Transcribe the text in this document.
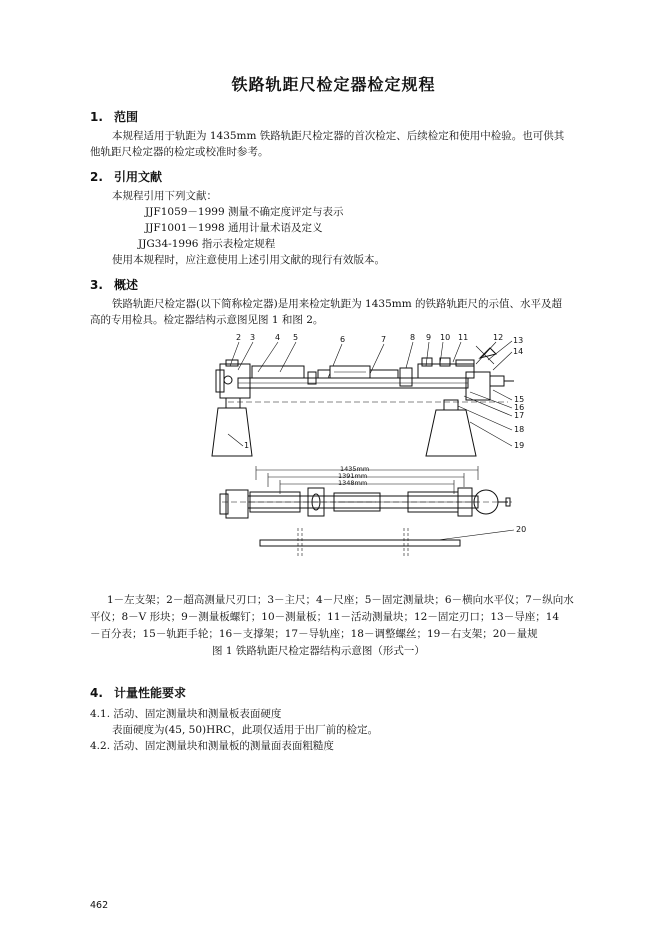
铁路轨距尺检定器检定规程
1. 范围
本规程适用于轨距为 1435mm 铁路轨距尺检定器的首次检定、后续检定和使用中检验。也可供其
他轨距尺检定器的检定或校准时参考。
2. 引用文献
本规程引用下列文献：
JJF1059－1999 测量不确定度评定与表示
JJF1001－1998 通用计量术语及定义
JJG34-1996 指示表检定规程
使用本规程时，应注意使用上述引用文献的现行有效版本。
3. 概述
铁路轨距尺检定器(以下简称检定器)是用来检定轨距为 1435mm 的铁路轨距尺的示值、水平及超
高的专用检具。检定器结构示意图见图 1 和图 2。
2 3 4 5	6	7	8 9 10 11	12 13
14
15
16
17
18
19
1
20
1435mm
1391mm
1348mm
1－左支架；2－超高测量尺刃口；3－主尺；4－尺座；5－固定测量块；6－横向水平仪；7－纵向水
平仪；8－V 形块；9－测量板螺钉；10－测量板；11－活动测量块；12－固定刃口；13－导座；14
－百分表；15－轨距手轮；16－支撑架；17－导轨座；18－调整螺丝；19－右支架；20－量规
图 1 铁路轨距尺检定器结构示意图（形式一）
4. 计量性能要求
4.1. 活动、固定测量块和测量板表面硬度
表面硬度为(45, 50)HRC，此项仅适用于出厂前的检定。
4.2. 活动、固定测量块和测量板的测量面表面粗糙度
462
